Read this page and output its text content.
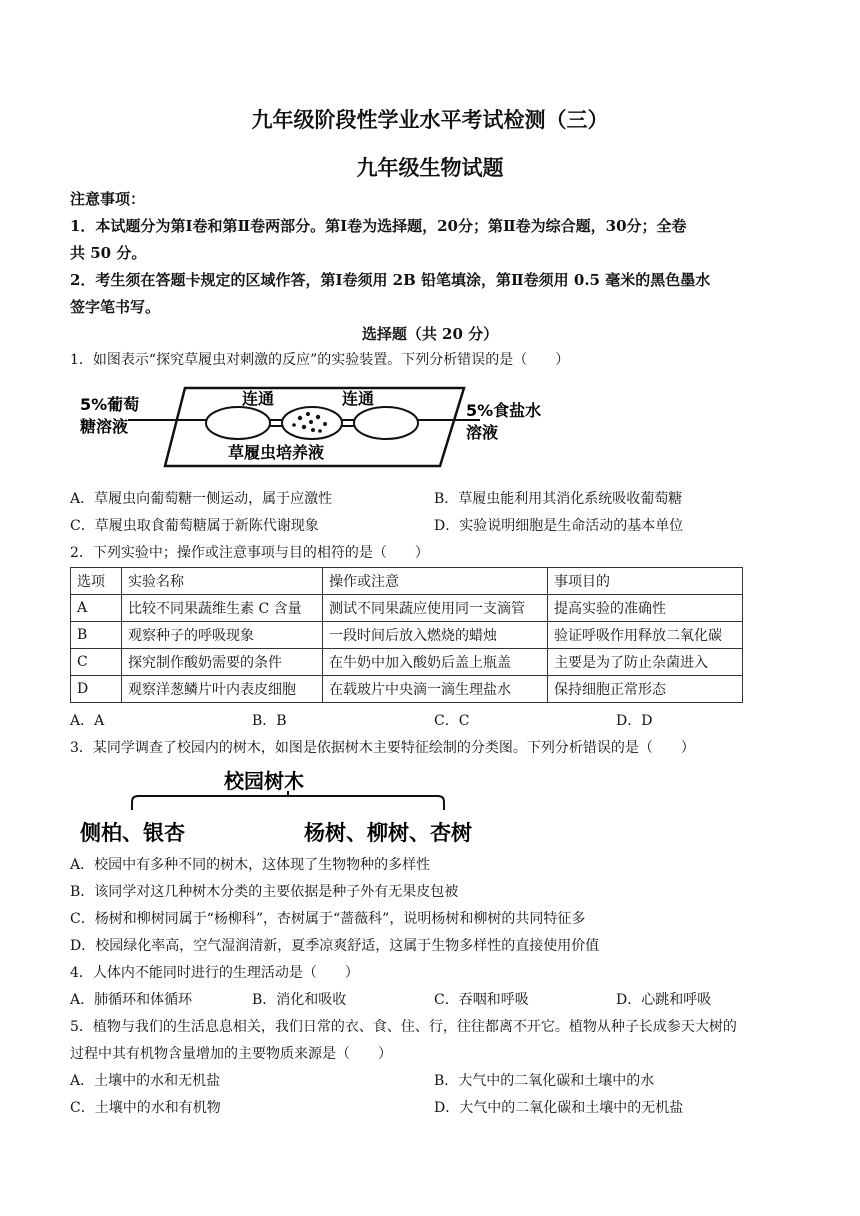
九年级阶段性学业水平考试检测（三）
九年级生物试题
注意事项：
1．本试题分为第Ⅰ卷和第Ⅱ卷两部分。第Ⅰ卷为选择题，20分；第Ⅱ卷为综合题，30分；全卷
共 50 分。
2．考生须在答题卡规定的区域作答，第Ⅰ卷须用 2B 铅笔填涂，第Ⅱ卷须用 0.5 毫米的黑色墨水
签字笔书写。
选择题（共 20 分）
1．如图表示“探究草履虫对刺激的反应”的实验装置。下列分析错误的是（　　）
5%葡萄
糖溶液
连通	连通
5%食盐水
溶液
草履虫培养液
A．草履虫向葡萄糖一侧运动，属于应激性	B．草履虫能利用其消化系统吸收葡萄糖
C．草履虫取食葡萄糖属于新陈代谢现象	D．实验说明细胞是生命活动的基本单位
2．下列实验中；操作或注意事项与目的相符的是（　　）
选项	实验名称	操作或注意	事项目的
A	比较不同果蔬维生素 C 含量	测试不同果蔬应使用同一支滴管	提高实验的准确性
B	观察种子的呼吸现象	一段时间后放入燃烧的蜡烛	验证呼吸作用释放二氧化碳
C	探究制作酸奶需要的条件	在牛奶中加入酸奶后盖上瓶盖	主要是为了防止杂菌进入
D	观察洋葱鳞片叶内表皮细胞	在载玻片中央滴一滴生理盐水	保持细胞正常形态
A．A	B．B	C．C	D．D
3．某同学调查了校园内的树木，如图是依据树木主要特征绘制的分类图。下列分析错误的是（　　）
校园树木
侧柏、银杏	杨树、柳树、杏树
A．校园中有多种不同的树木，这体现了生物物种的多样性
B．该同学对这几种树木分类的主要依据是种子外有无果皮包被
C．杨树和柳树同属于“杨柳科”，杏树属于“蔷薇科”，说明杨树和柳树的共同特征多
D．校园绿化率高，空气湿润清新，夏季凉爽舒适，这属于生物多样性的直接使用价值
4．人体内不能同时进行的生理活动是（　　）
A．肺循环和体循环	B．消化和吸收	C．吞咽和呼吸	D．心跳和呼吸
5．植物与我们的生活息息相关，我们日常的衣、食、住、行，往往都离不开它。植物从种子长成参天大树的
过程中其有机物含量增加的主要物质来源是（　　）
A．土壤中的水和无机盐	B．大气中的二氧化碳和土壤中的水
C．土壤中的水和有机物	D．大气中的二氧化碳和土壤中的无机盐
